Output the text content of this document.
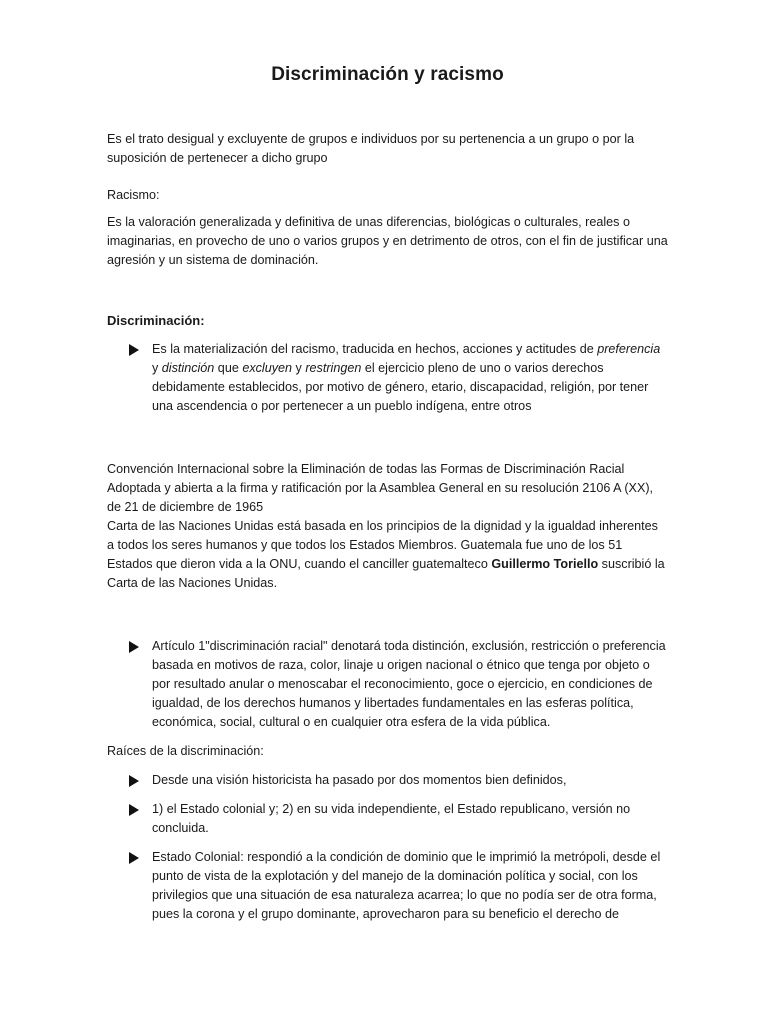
Discriminación y racismo

Es el trato desigual y excluyente de grupos e individuos por su pertenencia a un grupo o por la suposición de pertenecer a dicho grupo

Racismo:

Es la valoración generalizada y definitiva de unas diferencias, biológicas o culturales, reales o imaginarias, en provecho de uno o varios grupos y en detrimento de otros, con el fin de justificar una agresión y un sistema de dominación.

Discriminación:
Es la materialización del racismo, traducida en hechos, acciones y actitudes de preferencia y distinción que excluyen y restringen el ejercicio pleno de uno o varios derechos debidamente establecidos, por motivo de género, etario, discapacidad, religión, por tener una ascendencia o por pertenecer a un pueblo indígena, entre otros

Convención Internacional sobre la Eliminación de todas las Formas de Discriminación Racial Adoptada y abierta a la firma y ratificación por la Asamblea General en su resolución 2106 A (XX), de 21 de diciembre de 1965

Carta de las Naciones Unidas está basada en los principios de la dignidad y la igualdad inherentes a todos los seres humanos y que todos los Estados Miembros. Guatemala fue uno de los 51 Estados que dieron vida a la ONU, cuando el canciller guatemalteco Guillermo Toriello suscribió la Carta de las Naciones Unidas.

Artículo 1"discriminación racial" denotará toda distinción, exclusión, restricción o preferencia basada en motivos de raza, color, linaje u origen nacional o étnico que tenga por objeto o por resultado anular o menoscabar el reconocimiento, goce o ejercicio, en condiciones de igualdad, de los derechos humanos y libertades fundamentales en las esferas política, económica, social, cultural o en cualquier otra esfera de la vida pública.
Raíces de la discriminación:
Desde una visión historicista ha pasado por dos momentos bien definidos,
1) el Estado colonial y; 2) en su vida independiente, el Estado republicano, versión no concluida.
Estado Colonial: respondió a la condición de dominio que le imprimió la metrópoli, desde el punto de vista de la explotación y del manejo de la dominación política y social, con los privilegios que una situación de esa naturaleza acarrea; lo que no podía ser de otra forma, pues la corona y el grupo dominante, aprovecharon para su beneficio el derecho de
